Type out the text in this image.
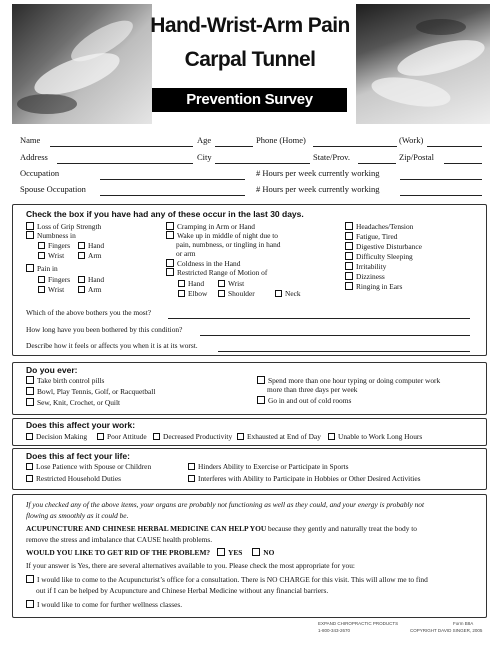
Hand-Wrist-Arm Pain
Carpal Tunnel
Prevention Survey
Name	Age	Phone (Home)	(Work)
Address	City	State/Prov.	Zip/Postal
Occupation	# Hours per week currently working
Spouse Occupation	# Hours per week currently working
Check the box if you have had any of these occur in the last 30 days.
Loss of Grip Strength
Numbness in
Fingers	Hand
Wrist	Arm
Pain in
Fingers	Hand
Wrist	Arm
Cramping in Arm or Hand
Wake up in middle of night due to
pain, numbness, or tingling in hand
or arm
Coldness in the Hand
Restricted Range of Motion of
Hand	Wrist
Elbow	Shoulder	Neck
Headaches/Tension
Fatigue, Tired
Digestive Disturbance
Difficulty Sleeping
Irritability
Dizziness
Ringing in Ears
Which of the above bothers you the most?
How long have you been bothered by this condition?
Describe how it feels or affects you when it is at its worst.
Do you ever:
Take birth control pills
Bowl, Play Tennis, Golf, or Racquetball
Sew, Knit, Crochet, or Quilt
Spend more than one hour typing or doing computer work
more than three days per week
Go in and out of cold rooms
Does this affect your work:
Decision Making	Poor Attitude	Decreased Productivity	Exhausted at End of Day	Unable to Work Long Hours
Does this af fect your life:
Lose Patience with Spouse or Children
Restricted Household Duties
Hinders Ability to Exercise or Participate in Sports
Interferes with Ability to Participate in Hobbies or Other Desired Activities
If you checked any of the above items, your organs are probably not functioning as well as they could, and your energy is probably not
flowing as smoothly as it could be.
ACUPUNCTURE AND CHINESE HERBAL MEDICINE CAN HELP YOU because they gently and naturally treat the body to
remove the stress and imbalance that CAUSE health problems.
WOULD YOU LIKE TO GET RID OF THE PROBLEM? YES	NO
If your answer is Yes, there are several alternatives available to you. Please check the most appropriate for you:
I would like to come to the Acupuncturist’s office for a consultation. There is NO CHARGE for this visit. This will allow me to find
out if I can be helped by Acupuncture and Chinese Herbal Medicine without any financial barriers.
I would like to come for further wellness classes.
EXPAND CHIROPRACTIC PRODUCTS
1-800-343-2670
Form B8A
COPYRIGHT DAVID SINGER, 2005
